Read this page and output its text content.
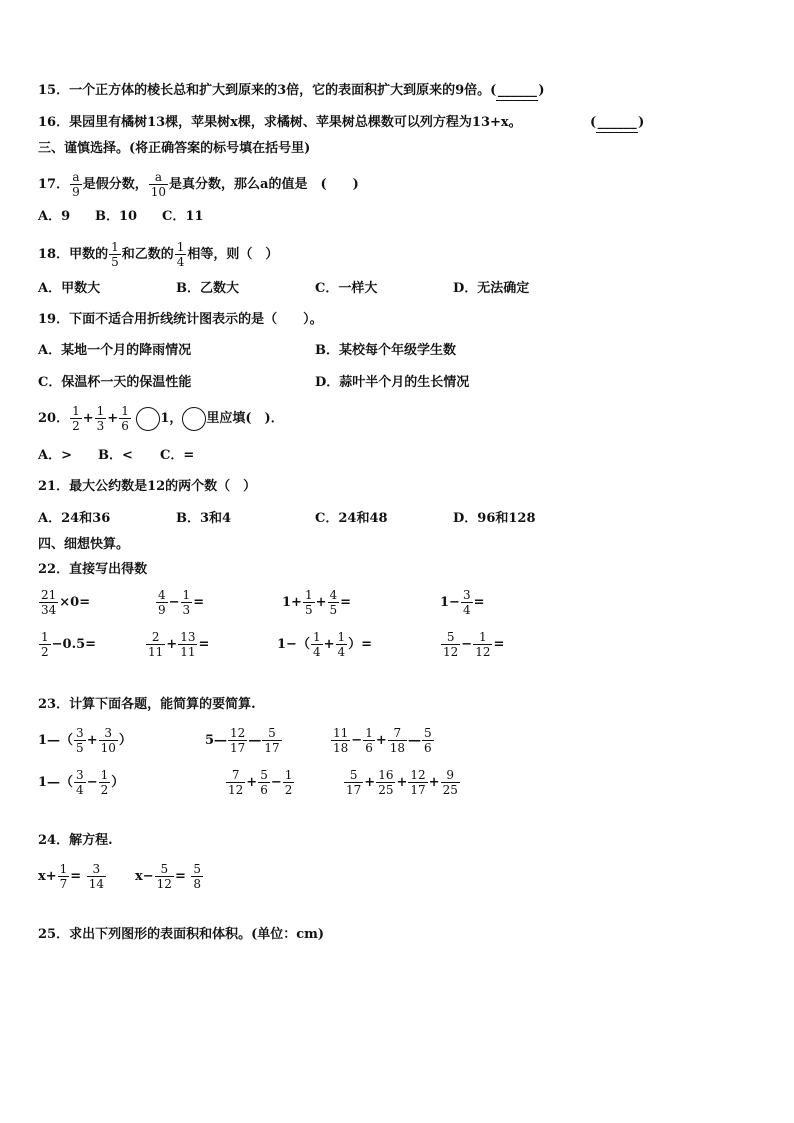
15．一个正方体的棱长总和扩大到原来的3倍，它的表面积扩大到原来的9倍。( ______ )
16．果园里有橘树13棵，苹果树x棵，求橘树、苹果树总棵数可以列方程为13+x。	( ______ )
三、谨慎选择。(将正确答案的标号填在括号里)
17． $\frac{a}{9}$ 是假分数， $\frac{a}{10}$ 是真分数，那么a的值是　(　　)
A．9 B．10 C．11
18．甲数的 $\frac{1}{5}$ 和乙数的 $\frac{1}{4}$ 相等，则（　）
A．甲数大	B．乙数大	C．一样大	D．无法确定
19．下面不适合用折线统计图表示的是（　　）。
A．某地一个月的降雨情况	B．某校每个年级学生数
C．保温杯一天的保温性能	D．蒜叶半个月的生长情况
20． $\frac{1}{2} + \frac{1}{3} + \frac{1}{6} 1$， 里应填(　)．
A．> B．< C．=
21．最大公约数是12的两个数（　）
A．24和36	B．3和4	C．24和48	D．96和128
四、细想快算。
22．直接写出得数
$\frac{21}{34} \times 0=$	$\frac{4}{9} - \frac{1}{3}$ =	$1+ \frac{1}{5} + \frac{4}{5}$ =	$1- \frac{3}{4}$ =
$\frac{1}{2} -0.5=$	$\frac{2}{11} + \frac{13}{11}$ =	$1-( \frac{1}{4} + \frac{1}{4}$ ）=	$\frac{5}{12} - \frac{1}{12}$ =
23．计算下面各题，能简算的要简算.
1—（ $\frac{3}{5} + \frac{3}{10}$ ）	5— $\frac{12}{17}$ — $\frac{5}{17}$	$\frac{11}{18} - \frac{1}{6} + \frac{7}{18}$ — $\frac{5}{6}$
1—（ $\frac{3}{4} - \frac{1}{2}$ ）	$\frac{7}{12} + \frac{5}{6} - \frac{1}{2}$	$\frac{5}{17} + \frac{16}{25} + \frac{12}{17} + \frac{9}{25}$
24．解方程.
$x+ \frac{1}{7} = \frac{3}{14} x- \frac{5}{12} = \frac{5}{8}$
25．求出下列图形的表面积和体积。(单位：cm)
